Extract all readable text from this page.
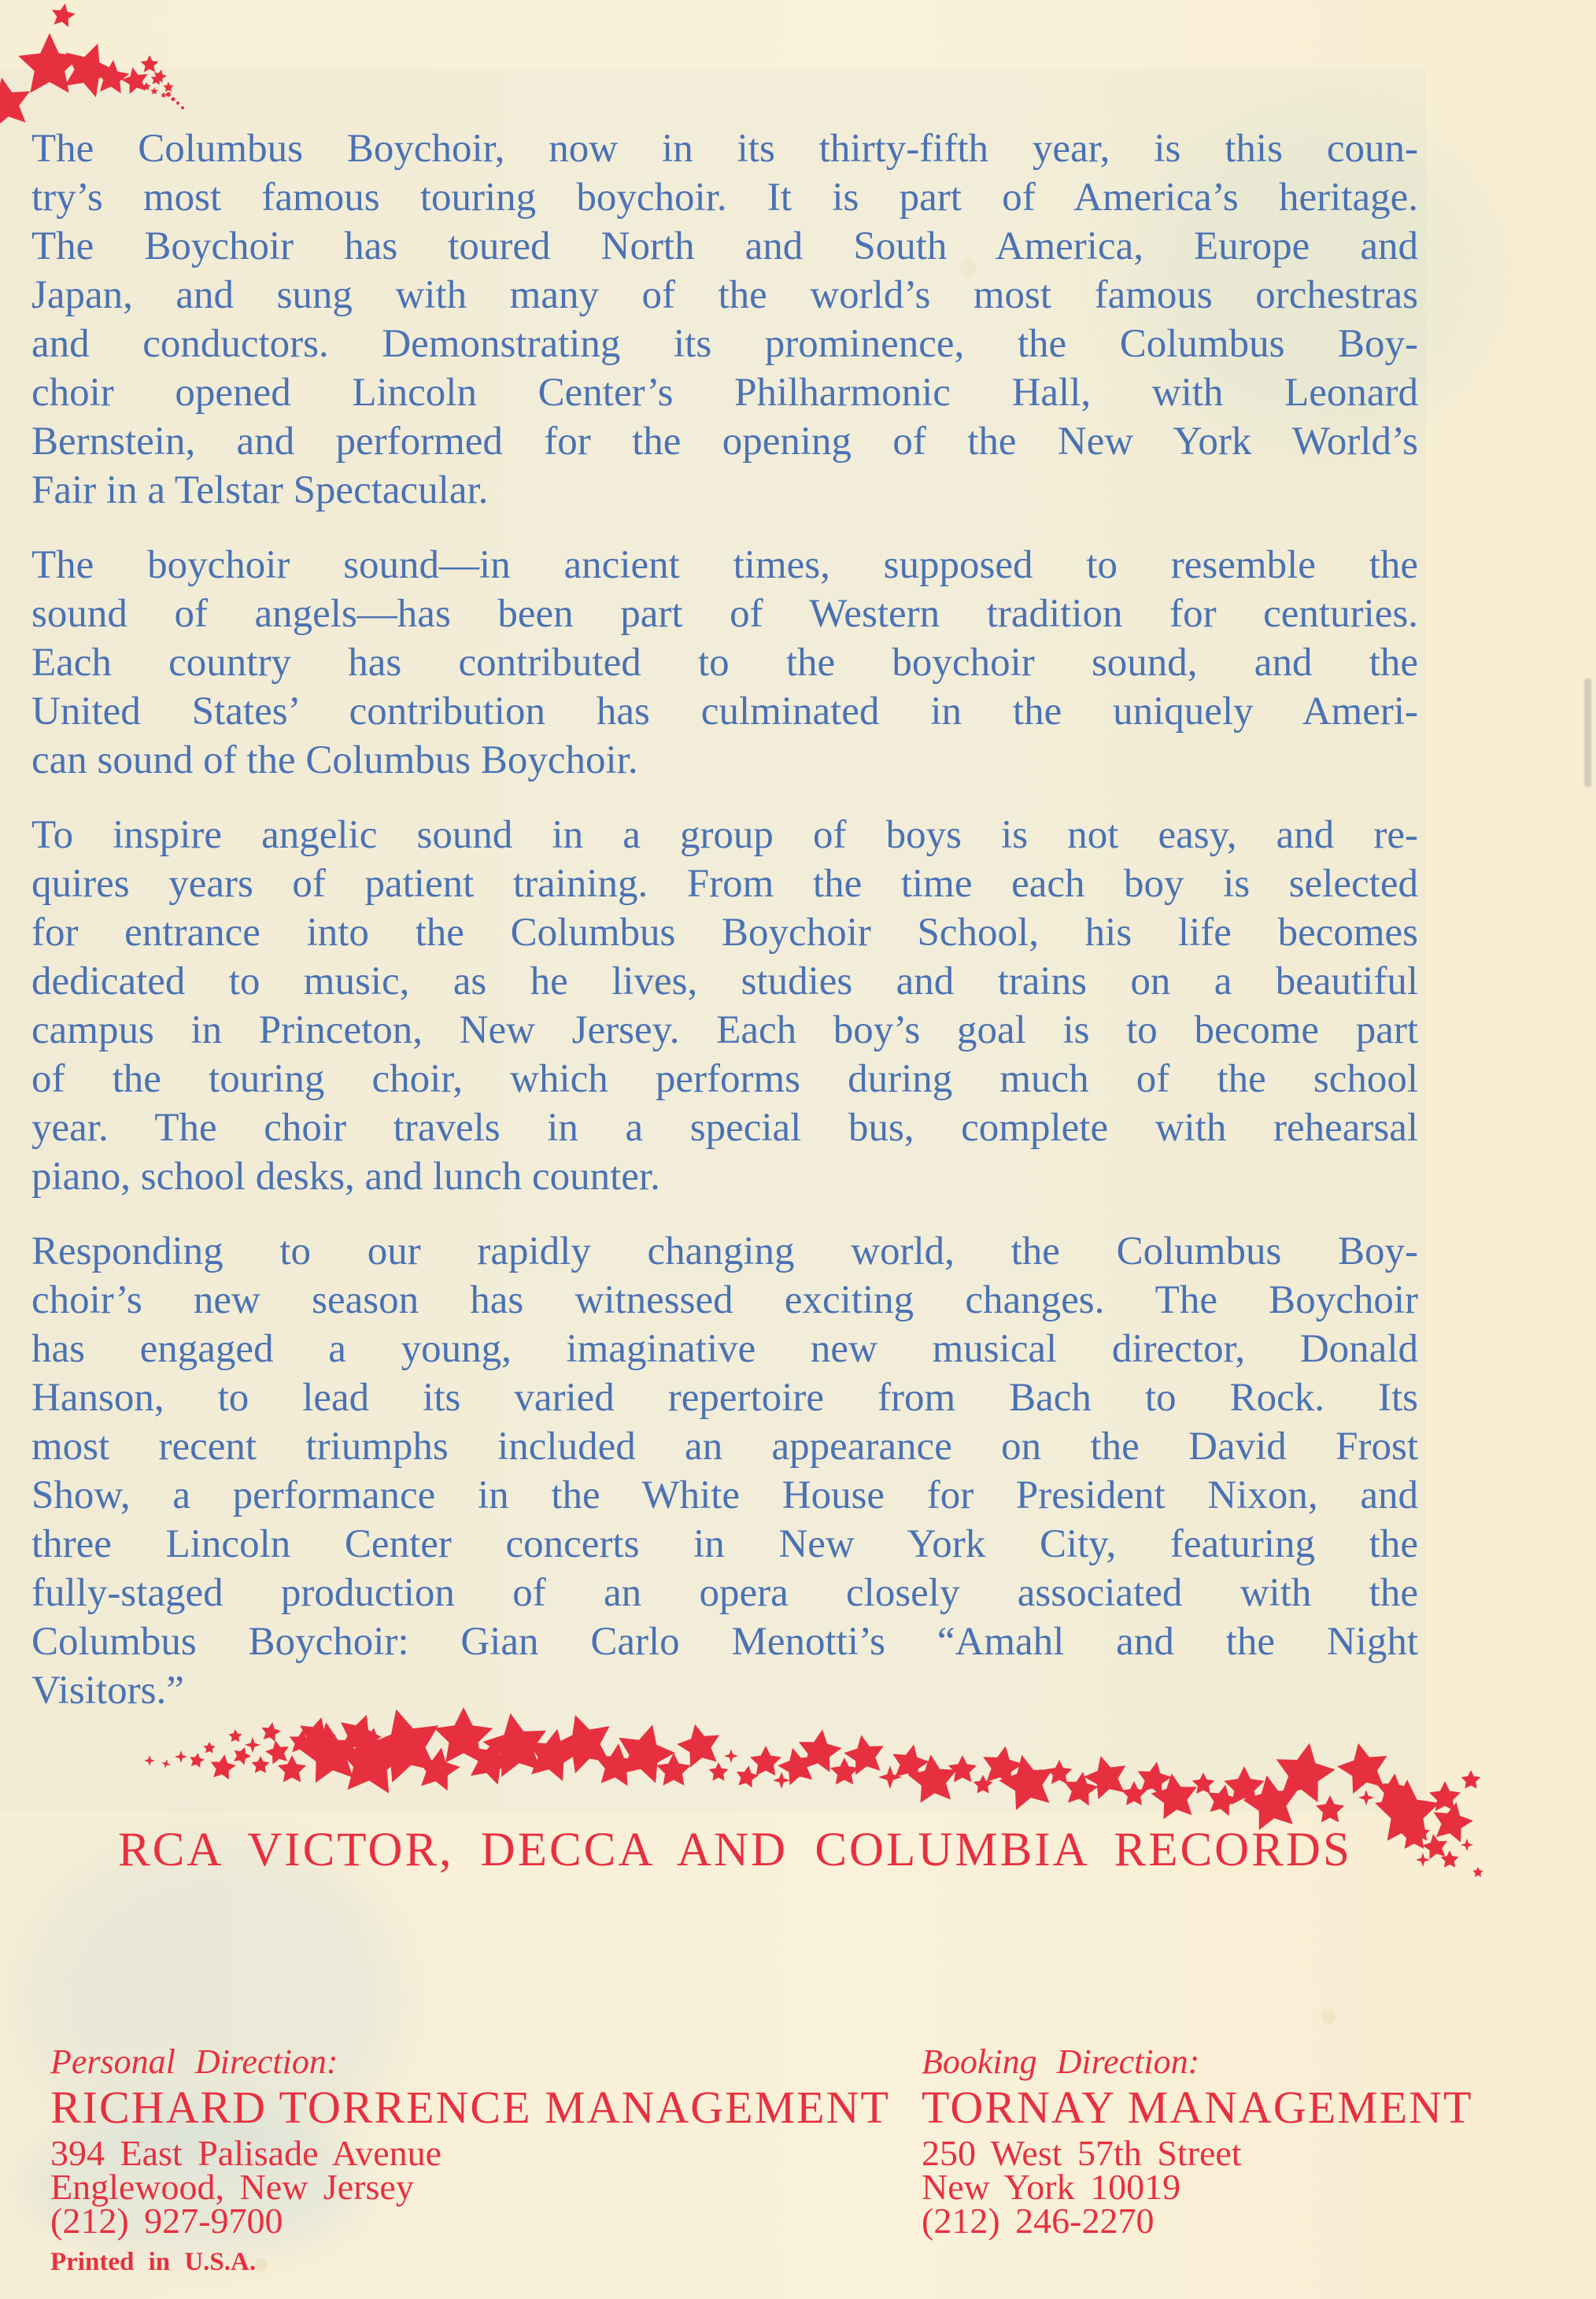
The Columbus Boychoir, now in its thirty-fifth year, is this coun-
try’s most famous touring boychoir. It is part of America’s heritage.
The Boychoir has toured North and South America, Europe and
Japan, and sung with many of the world’s most famous orchestras
and conductors. Demonstrating its prominence, the Columbus Boy-
choir opened Lincoln Center’s Philharmonic Hall, with Leonard
Bernstein, and performed for the opening of the New York World’s
Fair in a Telstar Spectacular.
The boychoir sound—in ancient times, supposed to resemble the
sound of angels—has been part of Western tradition for centuries.
Each country has contributed to the boychoir sound, and the
United States’ contribution has culminated in the uniquely Ameri-
can sound of the Columbus Boychoir.
To inspire angelic sound in a group of boys is not easy, and re-
quires years of patient training. From the time each boy is selected
for entrance into the Columbus Boychoir School, his life becomes
dedicated to music, as he lives, studies and trains on a beautiful
campus in Princeton, New Jersey. Each boy’s goal is to become part
of the touring choir, which performs during much of the school
year. The choir travels in a special bus, complete with rehearsal
piano, school desks, and lunch counter.
Responding to our rapidly changing world, the Columbus Boy-
choir’s new season has witnessed exciting changes. The Boychoir
has engaged a young, imaginative new musical director, Donald
Hanson, to lead its varied repertoire from Bach to Rock. Its
most recent triumphs included an appearance on the David Frost
Show, a performance in the White House for President Nixon, and
three Lincoln Center concerts in New York City, featuring the
fully-staged production of an opera closely associated with the
Columbus Boychoir: Gian Carlo Menotti’s “Amahl and the Night
Visitors.”
RCA VICTOR, DECCA AND COLUMBIA RECORDS
Personal Direction:
RICHARD TORRENCE MANAGEMENT
394 East Palisade Avenue
Englewood, New Jersey
(212) 927-9700
Booking Direction:
TORNAY MANAGEMENT
250 West 57th Street
New York 10019
(212) 246-2270
Printed in U.S.A.
